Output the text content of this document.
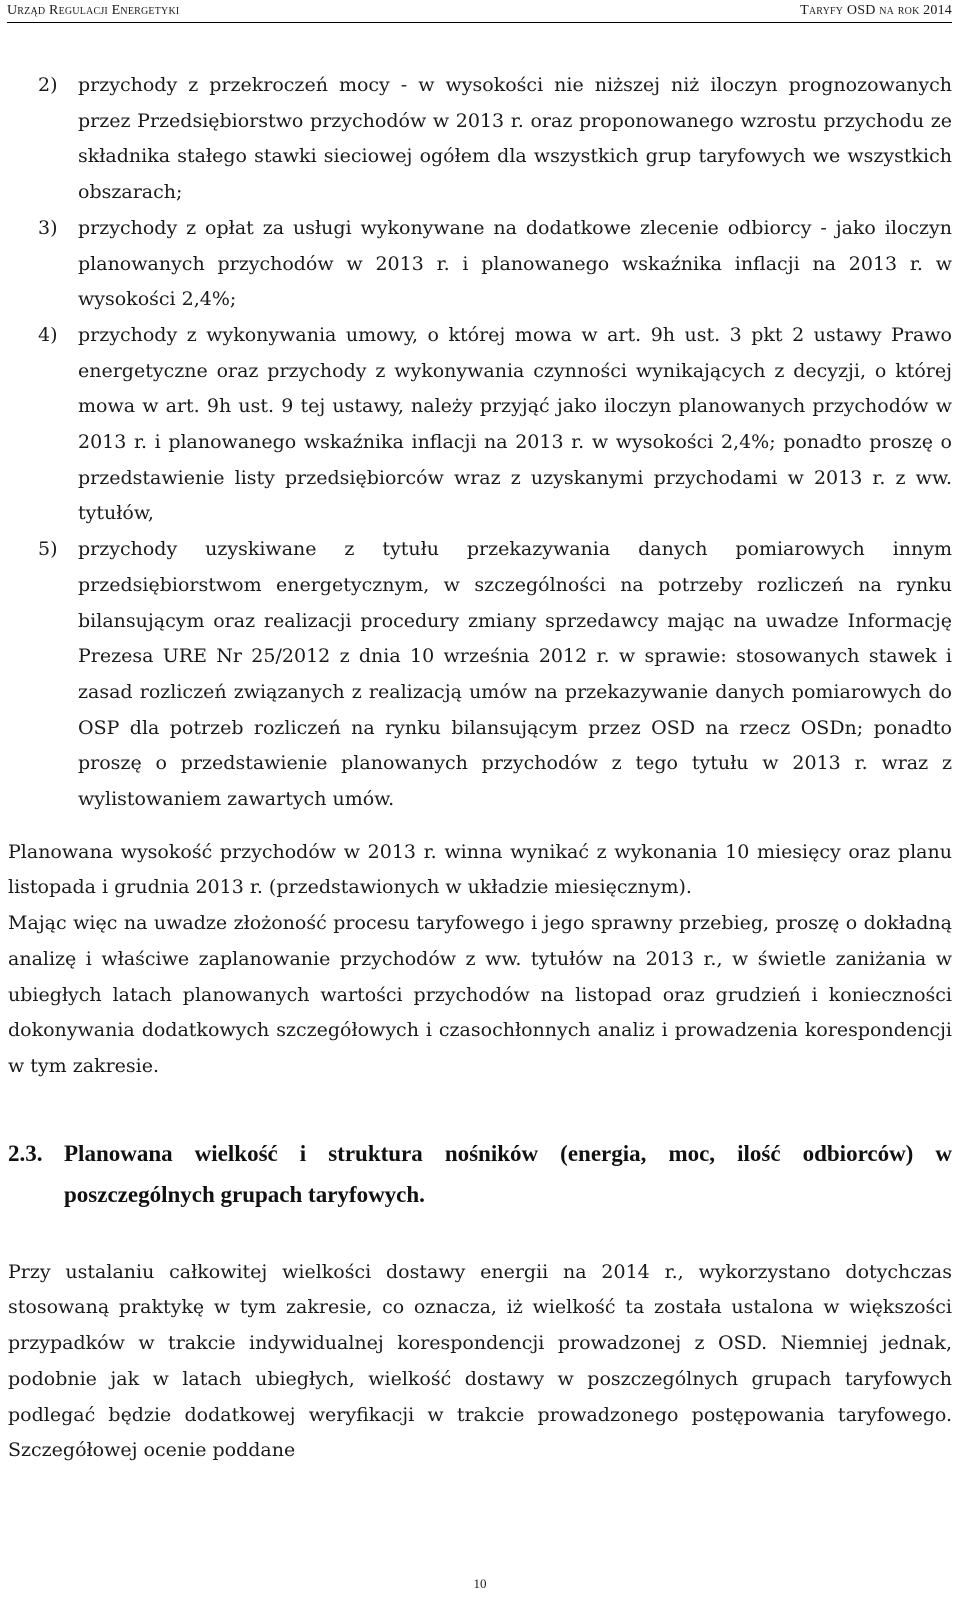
Urząd Regulacji Energetyki	Taryfy OSD na rok 2014
2) przychody z przekroczeń mocy - w wysokości nie niższej niż iloczyn prognozowanych przez Przedsiębiorstwo przychodów w 2013 r. oraz proponowanego wzrostu przychodu ze składnika stałego stawki sieciowej ogółem dla wszystkich grup taryfowych we wszystkich obszarach;
3) przychody z opłat za usługi wykonywane na dodatkowe zlecenie odbiorcy - jako iloczyn planowanych przychodów w 2013 r. i planowanego wskaźnika inflacji na 2013 r. w wysokości 2,4%;
4) przychody z wykonywania umowy, o której mowa w art. 9h ust. 3 pkt 2 ustawy Prawo energetyczne oraz przychody z wykonywania czynności wynikających z decyzji, o której mowa w art. 9h ust. 9 tej ustawy, należy przyjąć jako iloczyn planowanych przychodów w 2013 r. i planowanego wskaźnika inflacji na 2013 r. w wysokości 2,4%; ponadto proszę o przedstawienie listy przedsiębiorców wraz z uzyskanymi przychodami w 2013 r. z ww. tytułów,
5) przychody uzyskiwane z tytułu przekazywania danych pomiarowych innym przedsiębiorstwom energetycznym, w szczególności na potrzeby rozliczeń na rynku bilansującym oraz realizacji procedury zmiany sprzedawcy mając na uwadze Informację Prezesa URE Nr 25/2012 z dnia 10 września 2012 r. w sprawie: stosowanych stawek i zasad rozliczeń związanych z realizacją umów na przekazywanie danych pomiarowych do OSP dla potrzeb rozliczeń na rynku bilansującym przez OSD na rzecz OSDn; ponadto proszę o przedstawienie planowanych przychodów z tego tytułu w 2013 r. wraz z wylistowaniem zawartych umów.

Planowana wysokość przychodów w 2013 r. winna wynikać z wykonania 10 miesięcy oraz planu listopada i grudnia 2013 r. (przedstawionych w układzie miesięcznym).

Mając więc na uwadze złożoność procesu taryfowego i jego sprawny przebieg, proszę o dokładną analizę i właściwe zaplanowanie przychodów z ww. tytułów na 2013 r., w świetle zaniżania w ubiegłych latach planowanych wartości przychodów na listopad oraz grudzień i konieczności dokonywania dodatkowych szczegółowych i czasochłonnych analiz i prowadzenia korespondencji w tym zakresie.

2.3. Planowana wielkość i struktura nośników (energia, moc, ilość odbiorców) w poszczególnych grupach taryfowych.

Przy ustalaniu całkowitej wielkości dostawy energii na 2014 r., wykorzystano dotychczas stosowaną praktykę w tym zakresie, co oznacza, iż wielkość ta została ustalona w większości przypadków w trakcie indywidualnej korespondencji prowadzonej z OSD. Niemniej jednak, podobnie jak w latach ubiegłych, wielkość dostawy w poszczególnych grupach taryfowych podlegać będzie dodatkowej weryfikacji w trakcie prowadzonego postępowania taryfowego. Szczegółowej ocenie poddane

10
